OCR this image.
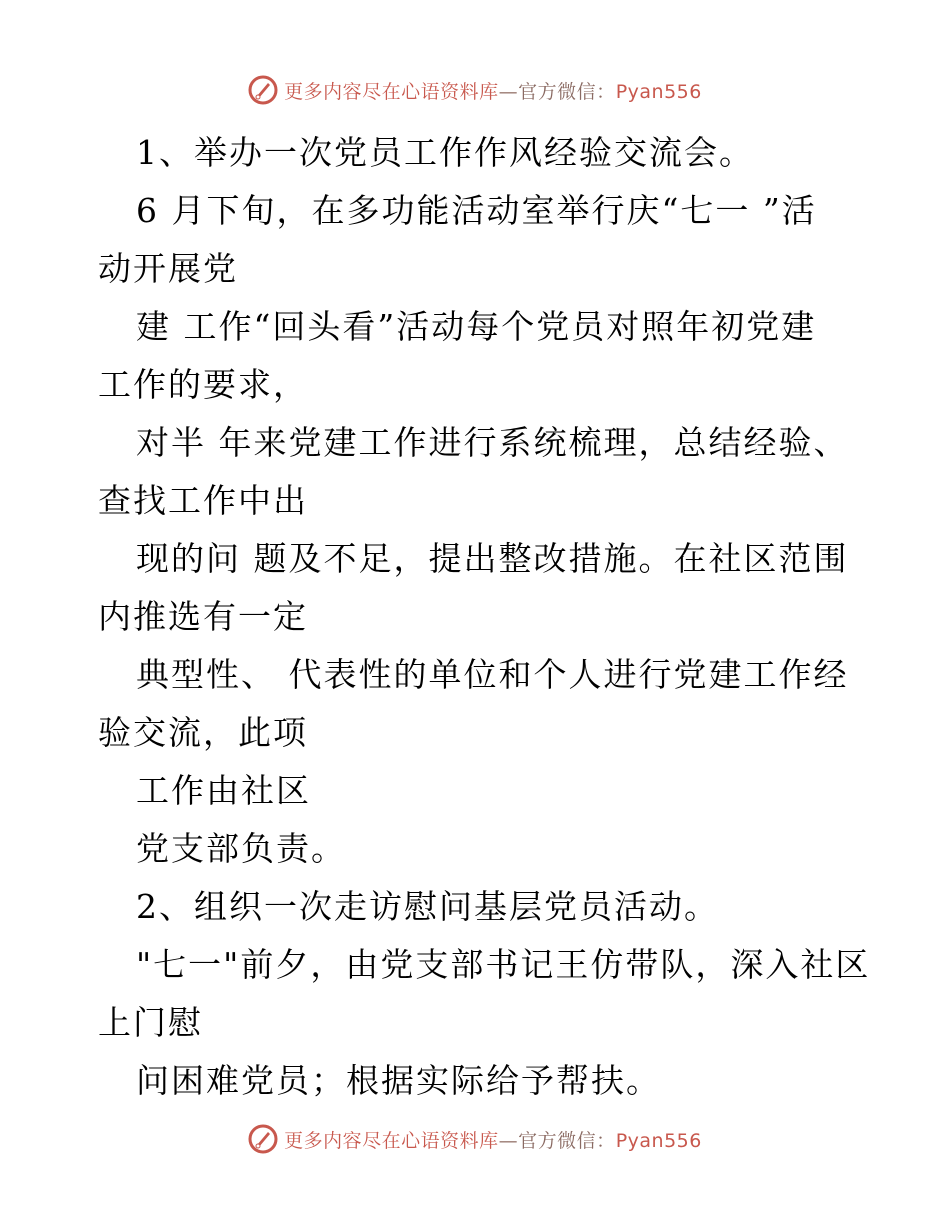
更多内容尽在心语资料库—官方微信：Pyan556
1、举办一次党员工作作风经验交流会。
6 月下旬，在多功能活动室举行庆“七一 ”活
动开展党
建 工作“回头看”活动每个党员对照年初党建
工作的要求，
对半 年来党建工作进行系统梳理，总结经验、
查找工作中出
现的问 题及不足，提出整改措施。在社区范围
内推选有一定
典型性、 代表性的单位和个人进行党建工作经
验交流，此项
工作由社区
党支部负责。
2、组织一次走访慰问基层党员活动。
"七一"前夕，由党支部书记王仿带队，深入社区
上门慰
问困难党员；根据实际给予帮扶。
更多内容尽在心语资料库—官方微信：Pyan556
